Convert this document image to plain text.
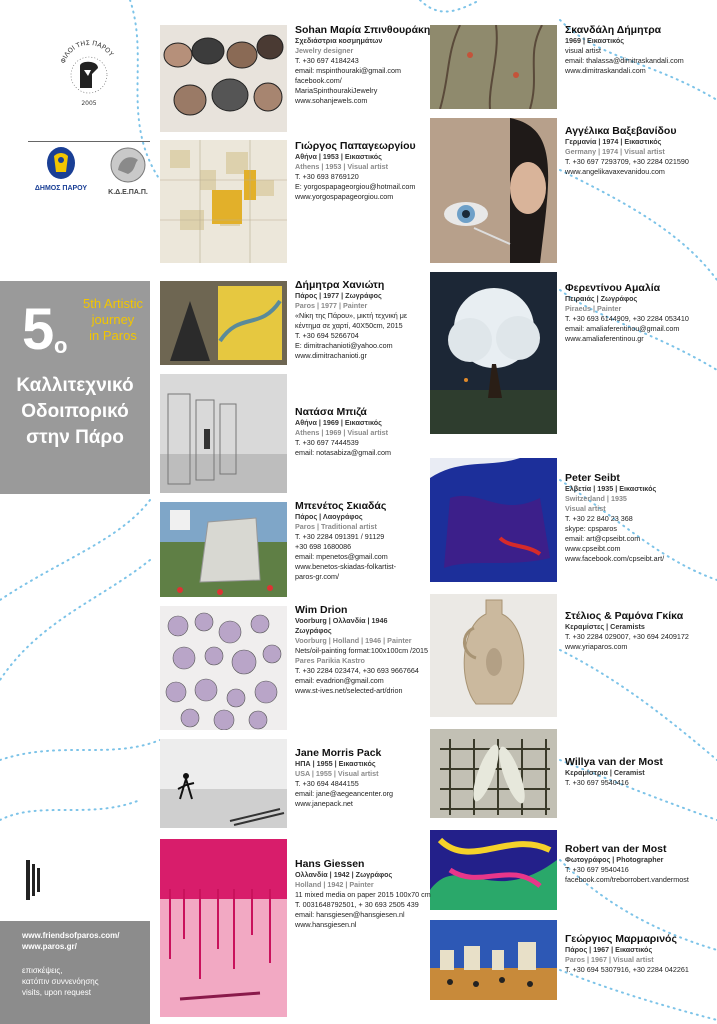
ΦΙΛΟΙ ΤΗΣ ΠΑΡΟΥ
2005
ΔΗΜΟΣ ΠΑΡΟΥ
Κ.Δ.Ε.ΠΑ.Π.
5 ο
5th Artistic
journey
in Paros
Καλλιτεχνικό
Οδοιπορικό
στην Πάρο
www.friendsofparos.com/
www.paros.gr/
επισκέψεις,
κατόπιν συννενόησης
visits, upon request
Sohan Μαρία Σπινθουράκη
Σχεδιάστρια κοσμημάτων
Jewelry designer
T. +30 697 4184243
email: mspinthouraki@gmail.com
facebook.com/
MariaSpinthourakiJewelry
www.sohanjewels.com
Γιώργος Παπαγεωργίου
Αθήνα | 1953 | Εικαστικός
Athens | 1953 | Visual artist
T. +30 693 8769120
E: yorgospapageorgiou@hotmail.com
www.yorgospapageorgiou.com
Δήμητρα Χανιώτη
Πάρος | 1977 | Ζωγράφος
Paros | 1977 | Painter
«Νίκη της Πάρου», μικτή τεχνική με
κέντημα σε χαρτί, 40X50cm, 2015
T. +30 694 5266704
E: dimitrachanioti@yahoo.com
www.dimitrachanioti.gr
Νατάσα Μπιζά
Αθήνα | 1969 | Εικαστικός
Athens | 1969 | Visual artist
T. +30 697 7444539
email: notasabiza@gmail.com
Μπενέτος Σκιαδάς
Πάρος | Λαογράφος
Paros | Traditional artist
T. +30 2284 091391 / 91129
+30 698 1680086
email: mpenetos@gmail.com
www.benetos-skiadas-folkartist-
paros-gr.com/
Wim Drion
Voorburg | Ολλανδία | 1946
Ζωγράφος
Voorburg | Holland | 1946 | Painter
Nets/oil-painting format:100x100cm /2015
Pares Parikia Kastro
T. +30 2284 023474, +30 693 9667664
email: evadrion@gmail.com
www.st-ives.net/selected-art/drion
Jane Morris Pack
ΗΠΑ | 1955 | Εικαστικός
USA | 1955 | Visual artist
T. +30 694 4844155
email: jane@aegeancenter.org
www.janepack.net
Hans Giessen
Ολλανδία | 1942 | Ζωγράφος
Holland | 1942 | Painter
11 mixed media on paper 2015 100x70 cm
T. 0031648792501, + 30 693 2505 439
email: hansgiesen@hansgiesen.nl
www.hansgiesen.nl
Σκανδάλη Δήμητρα
1969 | Εικαστικός
visual artist
email: thalassa@dimitraskandali.com
www.dimitraskandali.com
Αγγέλικα Βαξεβανίδου
Γερμανία | 1974 | Εικαστικός
Germany | 1974 | Visual artist
T. +30 697 7293709, +30 2284 021590
www.angelikavaxevanidou.com
Φερεντίνου Αμαλία
Πειραιάς | Ζωγράφος
Piraeus | Painter
T. +30 693 6144909, +30 2284 053410
email: amaliaferentinou@gmail.com
www.amaliaferentinou.gr
Peter Seibt
Ελβετία | 1935 | Εικαστικός
Switzerland | 1935
Visual artist
T. +30 22 840 23 368
skype: cpsparos
email: art@cpseibt.com
www.cpseibt.com
www.facebook.com/cpseibt.art/
Στέλιος & Ραμόνα Γκίκα
Κεραμίστες | Ceramists
T. +30 2284 029007, +30 694 2409172
www.yriaparos.com
Willya van der Most
Κεραμίστρια | Ceramist
T. +30 697 9540416
Robert van der Most
Φωτογράφος | Photographer
T. +30 697 9540416
facebook.com/treborrobert.vandermost
Γεώργιος Μαρμαρινός
Πάρος | 1967 | Εικαστικός
Paros | 1967 | Visual artist
T. +30 694 5307916, +30 2284 042261
